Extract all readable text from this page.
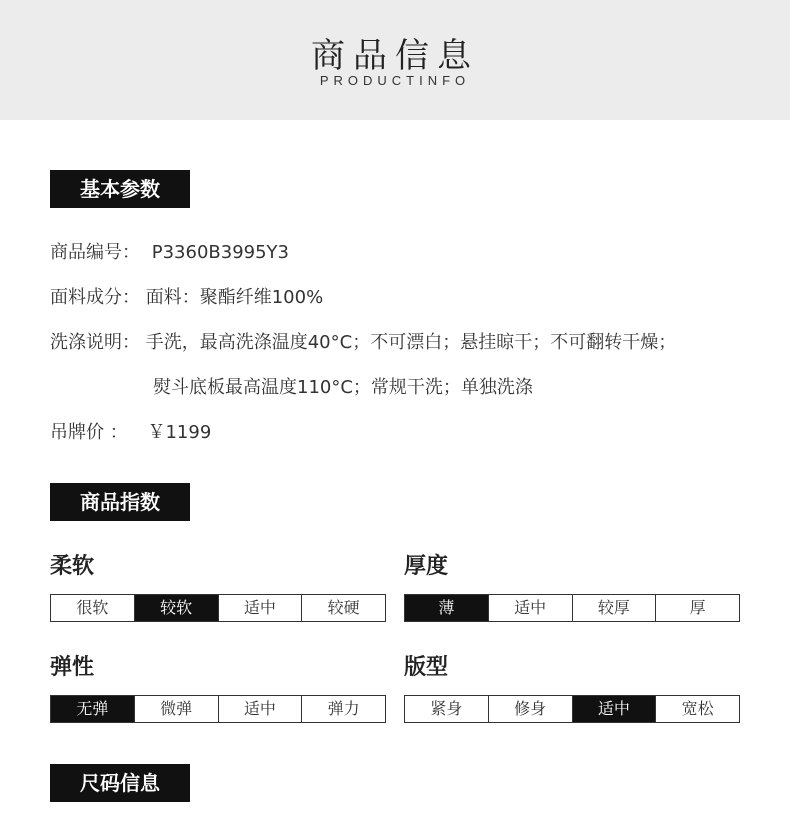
商品信息
PRODUCTINFO
基本参数
商品编号： P3360B3995Y3
面料成分： 面料：聚酯纤维100%
洗涤说明： 手洗，最高洗涤温度40°C；不可漂白；悬挂晾干；不可翻转干燥；
熨斗底板最高温度110°C；常规干洗；单独洗涤
吊牌价 ： ￥1199
商品指数
柔软
很软	较软	适中	较硬
厚度
薄	适中	较厚	厚
弹性
无弹	微弹	适中	弹力
版型
紧身	修身	适中	宽松
尺码信息
